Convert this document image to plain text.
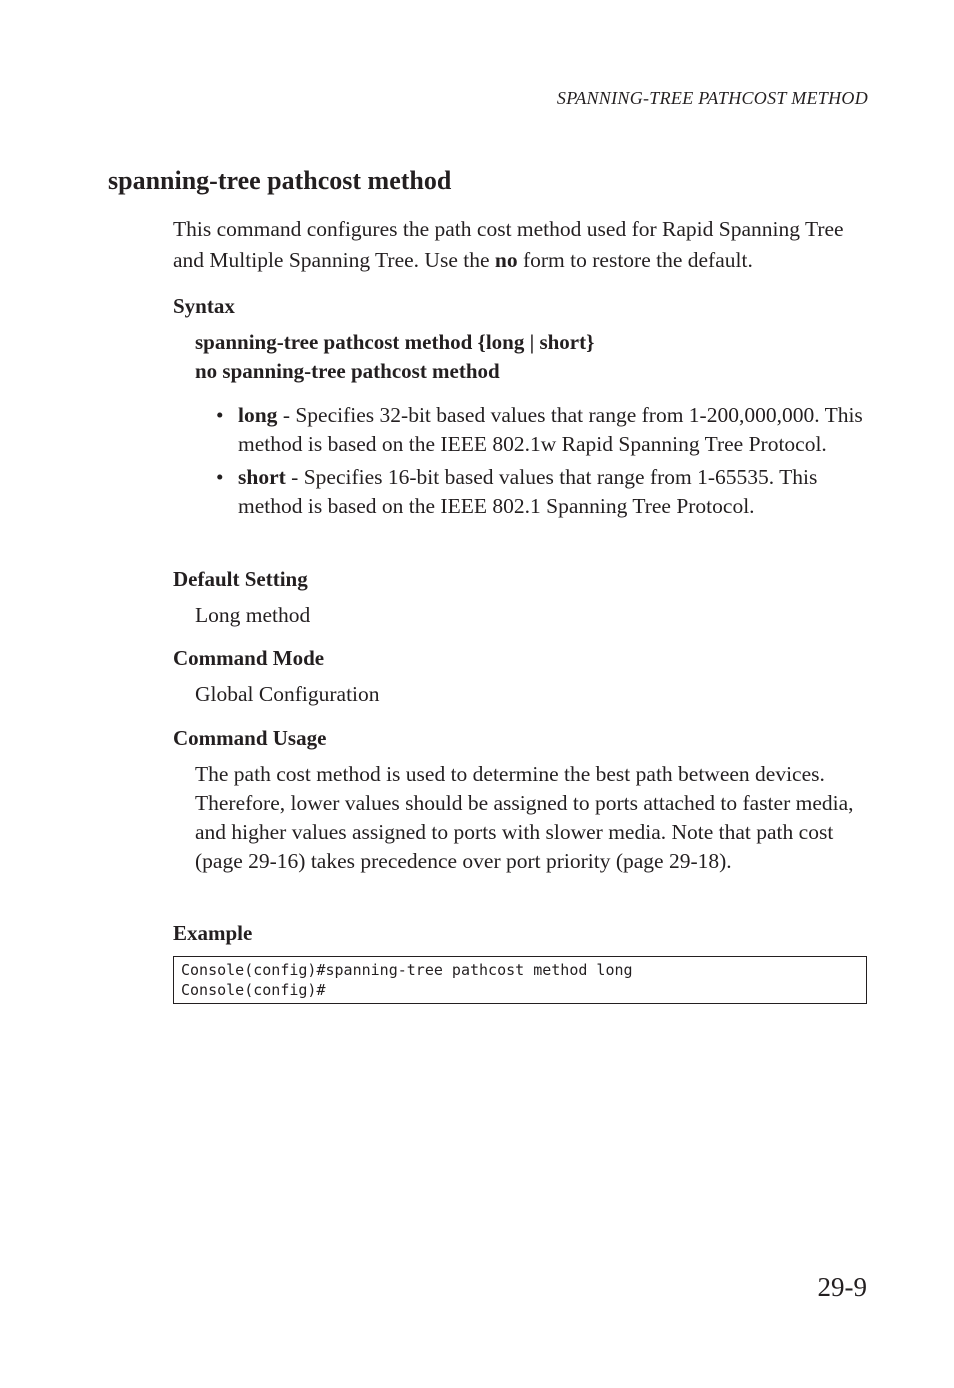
SPANNING-TREE PATHCOST METHOD
spanning-tree pathcost method

This command configures the path cost method used for Rapid Spanning Tree and Multiple Spanning Tree. Use the no form to restore the default.

Syntax
spanning-tree pathcost method {long | short}
no spanning-tree pathcost method
• long - Specifies 32-bit based values that range from 1-200,000,000. This method is based on the IEEE 802.1w Rapid Spanning Tree Protocol.
• short - Specifies 16-bit based values that range from 1-65535. This method is based on the IEEE 802.1 Spanning Tree Protocol.
Default Setting

Long method

Command Mode

Global Configuration

Command Usage

The path cost method is used to determine the best path between devices. Therefore, lower values should be assigned to ports attached to faster media, and higher values assigned to ports with slower media. Note that path cost (page 29-16) takes precedence over port priority (page 29-18).

Example
Console(config)#spanning-tree pathcost method long
Console(config)#
29-9
